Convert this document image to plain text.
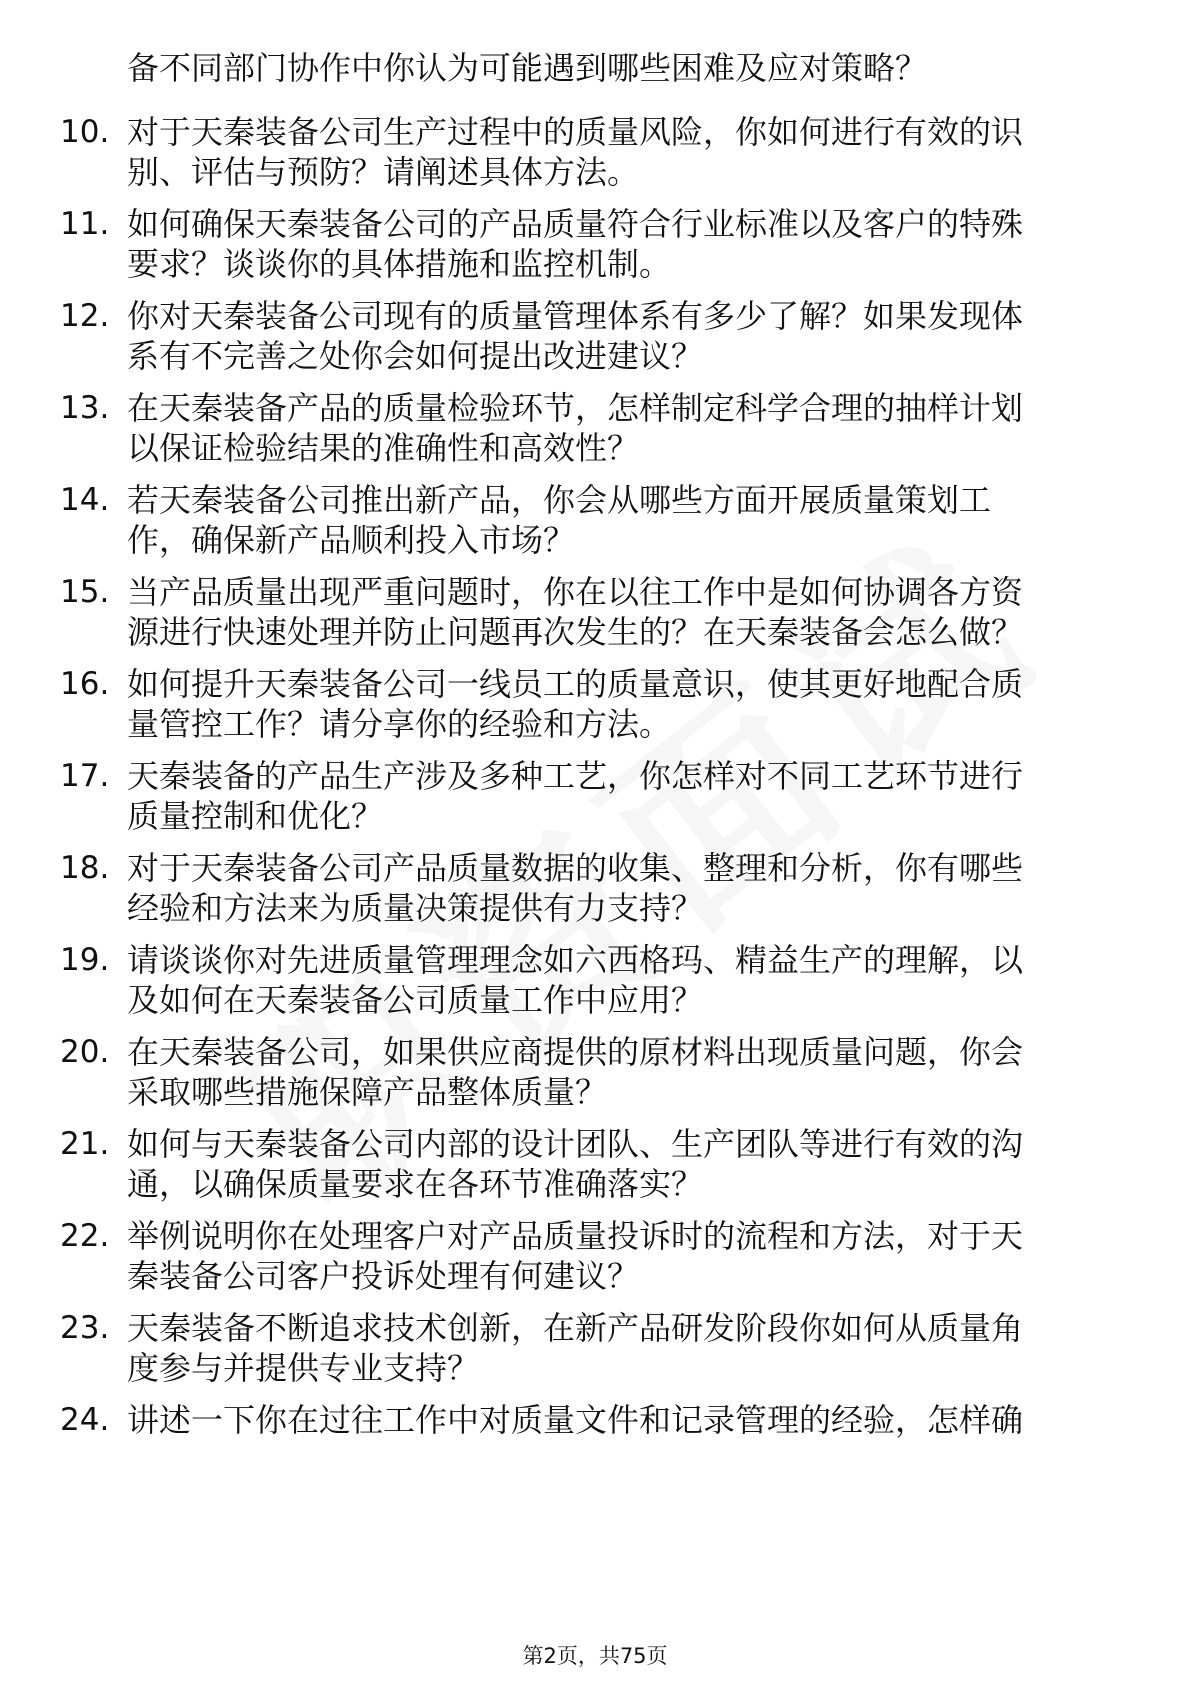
备不同部门协作中你认为可能遇到哪些困难及应对策略？
10. 对于天秦装备公司生产过程中的质量风险，你如何进行有效的识
别、评估与预防？请阐述具体方法。
11. 如何确保天秦装备公司的产品质量符合行业标准以及客户的特殊
要求？谈谈你的具体措施和监控机制。
12. 你对天秦装备公司现有的质量管理体系有多少了解？如果发现体
系有不完善之处你会如何提出改进建议？
13. 在天秦装备产品的质量检验环节，怎样制定科学合理的抽样计划
以保证检验结果的准确性和高效性？
14. 若天秦装备公司推出新产品，你会从哪些方面开展质量策划工
作，确保新产品顺利投入市场？
15. 当产品质量出现严重问题时，你在以往工作中是如何协调各方资
源进行快速处理并防止问题再次发生的？在天秦装备会怎么做？
16. 如何提升天秦装备公司一线员工的质量意识，使其更好地配合质
量管控工作？请分享你的经验和方法。
17. 天秦装备的产品生产涉及多种工艺，你怎样对不同工艺环节进行
质量控制和优化？
18. 对于天秦装备公司产品质量数据的收集、整理和分析，你有哪些
经验和方法来为质量决策提供有力支持？
19. 请谈谈你对先进质量管理理念如六西格玛、精益生产的理解，以
及如何在天秦装备公司质量工作中应用？
20. 在天秦装备公司，如果供应商提供的原材料出现质量问题，你会
采取哪些措施保障产品整体质量？
21. 如何与天秦装备公司内部的设计团队、生产团队等进行有效的沟
通，以确保质量要求在各环节准确落实？
22. 举例说明你在处理客户对产品质量投诉时的流程和方法，对于天
秦装备公司客户投诉处理有何建议？
23. 天秦装备不断追求技术创新，在新产品研发阶段你如何从质量角
度参与并提供专业支持？
24. 讲述一下你在过往工作中对质量文件和记录管理的经验，怎样确
第2页，共75页
